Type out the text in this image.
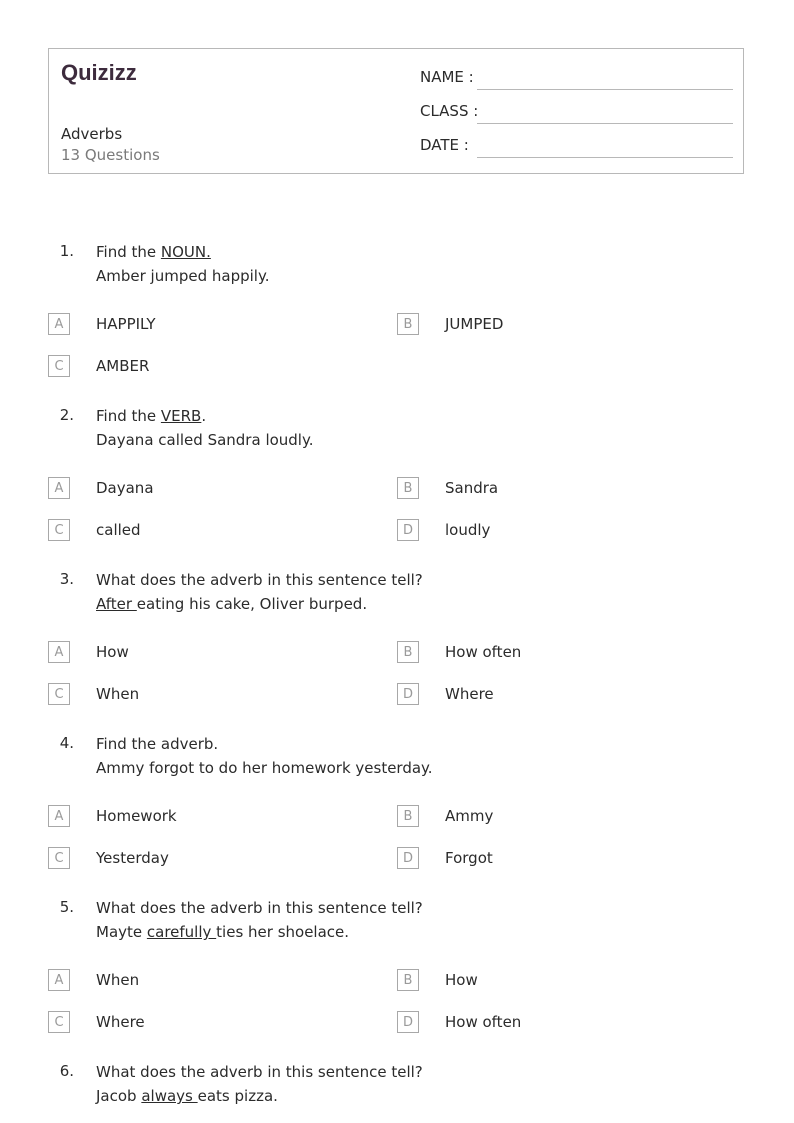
Quizizz
Adverbs
13 Questions
NAME :
CLASS :
DATE :
1. Find the NOUN.
Amber jumped happily.
A	HAPPILY	B	JUMPED
C	AMBER
2. Find the VERB.
Dayana called Sandra loudly.
A	Dayana	B	Sandra
C	called	D	loudly
3. What does the adverb in this sentence tell?
After eating his cake, Oliver burped.
A	How	B	How often
C	When	D	Where
4. Find the adverb.
Ammy forgot to do her homework yesterday.
A	Homework	B	Ammy
C	Yesterday	D	Forgot
5. What does the adverb in this sentence tell?
Mayte carefully ties her shoelace.
A	When	B	How
C	Where	D	How often
6. What does the adverb in this sentence tell?
Jacob always eats pizza.
